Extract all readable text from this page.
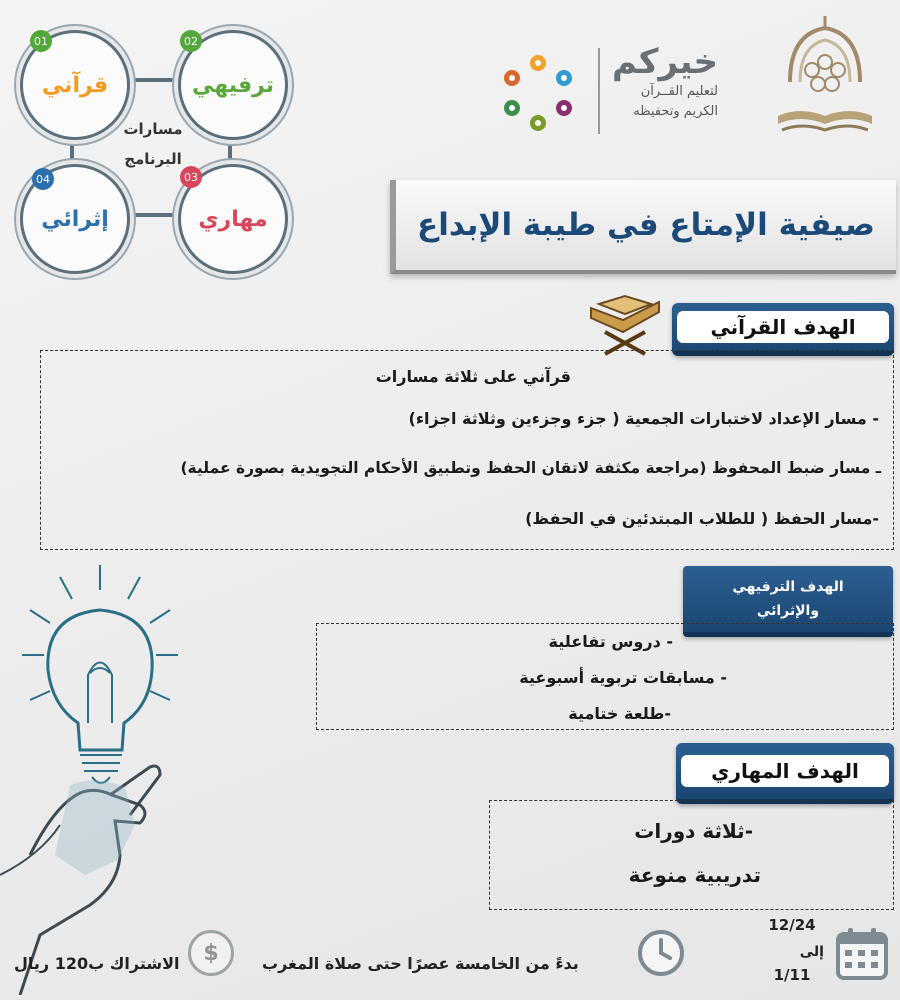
قرآني
01
ترفيهي
02
مهاري
03
إثرائي
04
مسارات
البرنامج
خيركم
لتعليم القــرآن
الكريم وتحفيظه
صيفية الإمتاع في طيبة الإبداع
الهدف القرآني
قرآني على ثلاثة مسارات
- مسار الإعداد لاختبارات الجمعية ( جزء وجزءين وثلاثة اجزاء)
ـ مسار ضبط المحفوظ (مراجعة مكثفة لاتقان الحفظ وتطبيق الأحكام التجويدية بصورة عملية)
-مسار الحفظ ( للطلاب المبتدئين في الحفظ)
الهدف الترفيهي
والإثرائي
- دروس تفاعلية
- مسابقات تربوية أسبوعية
-طلعة ختامية
الهدف المهاري
-ثلاثة دورات
تدريبية منوعة
الاشتراك ب120 ريال $	بدءً من الخامسة عصرًا حتى صلاة المغرب
12/24
إلى
1/11
